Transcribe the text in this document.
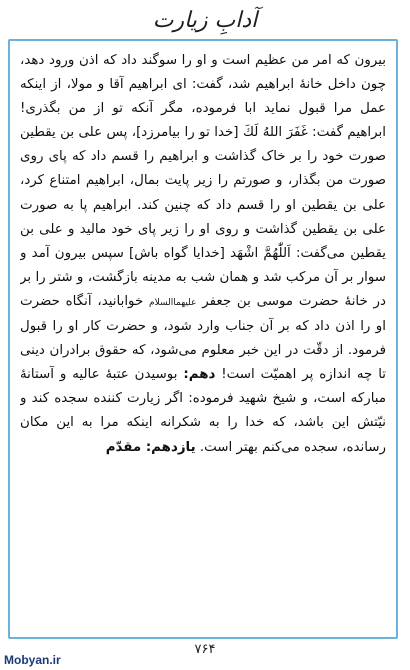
آدابِ زیارت
بیرون که امر من عظیم است و او را سوگند داد که اذن ورود دهد، چون داخل خانهٔ ابراهیم شد، گفت: ای ابراهیم آقا و مولا، از اینکه عمل مرا قبول نماید ابا فرموده، مگر آنکه تو از من بگذری! ابراهیم گفت: غَفَرَ اللهُ لَكَ [خدا تو را بیامرزد]، پس علی بن یقطین صورت خود را بر خاک گذاشت و ابراهیم را قسم داد که پای روی صورت من بگذار، و صورتم را زیر پایت بمال، ابراهیم امتناع کرد، علی بن یقطین او را قسم داد که چنین کند. ابراهیم پا به صورت علی بن یقطین گذاشت و روی او را زیر پای خود مالید و علی بن یقطین می‌گفت: اَللّٰهُمَّ اشْهَد [خدایا گواه باش] سپس بیرون آمد و سوار بر آن مرکب شد و همان شب به مدینه بازگشت، و شتر را بر در خانهٔ حضرت موسی بن جعفر علیهماالسلام خوابانید، آنگاه حضرت او را اذن داد که بر آن جناب وارد شود، و حضرت کار او را قبول فرمود. از دقّت در این خبر معلوم می‌شود، که حقوق برادران دینی تا چه اندازه پر اهمیّت است! دهم: بوسیدن عتبهٔ عالیه و آستانهٔ مبارکه است، و شیخ شهید فرموده: اگر زیارت کننده سجده کند و نیّتش این باشد، که خدا را به شکرانه اینکه مرا به این مکان رسانده، سجده می‌کنم بهتر است. یازدهم: مقدّم
۷۶۴
Mobyan.ir
